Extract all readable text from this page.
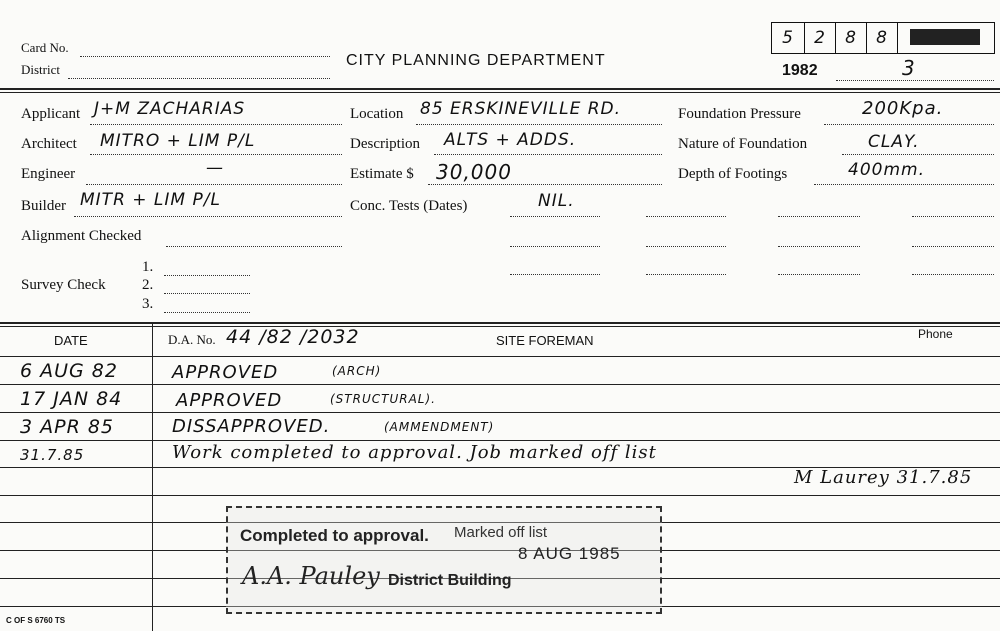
Card No.
District
CITY PLANNING DEPARTMENT
5 2 8 8
1982	3
Applicant J+M ZACHARIAS
Architect MITRO + LIM P/L
Engineer	—
Builder MITR + LIM P/L
Alignment Checked
Survey Check
1.
2.
3.
Location 85 ERSKINEVILLE RD.
Description ALTS + ADDS.
Estimate $ 30,000
Conc. Tests (Dates)	NIL.
Foundation Pressure	200Kpa.
Nature of Foundation	CLAY.
Depth of Footings	400mm.
DATE	D.A. No. 44 /82 /2032	SITE FOREMAN	Phone
6 AUG 82	APPROVED	(ARCH)
17 JAN 84	APPROVED	(STRUCTURAL).
3 APR 85	DISSAPPROVED.	(AMMENDMENT)
31.7.85	Work completed to approval. Job marked off list
M Laurey 31.7.85
Completed to approval. Marked off list
8 AUG 1985
A.A. Pauley District Building
C OF S 6760 TS
